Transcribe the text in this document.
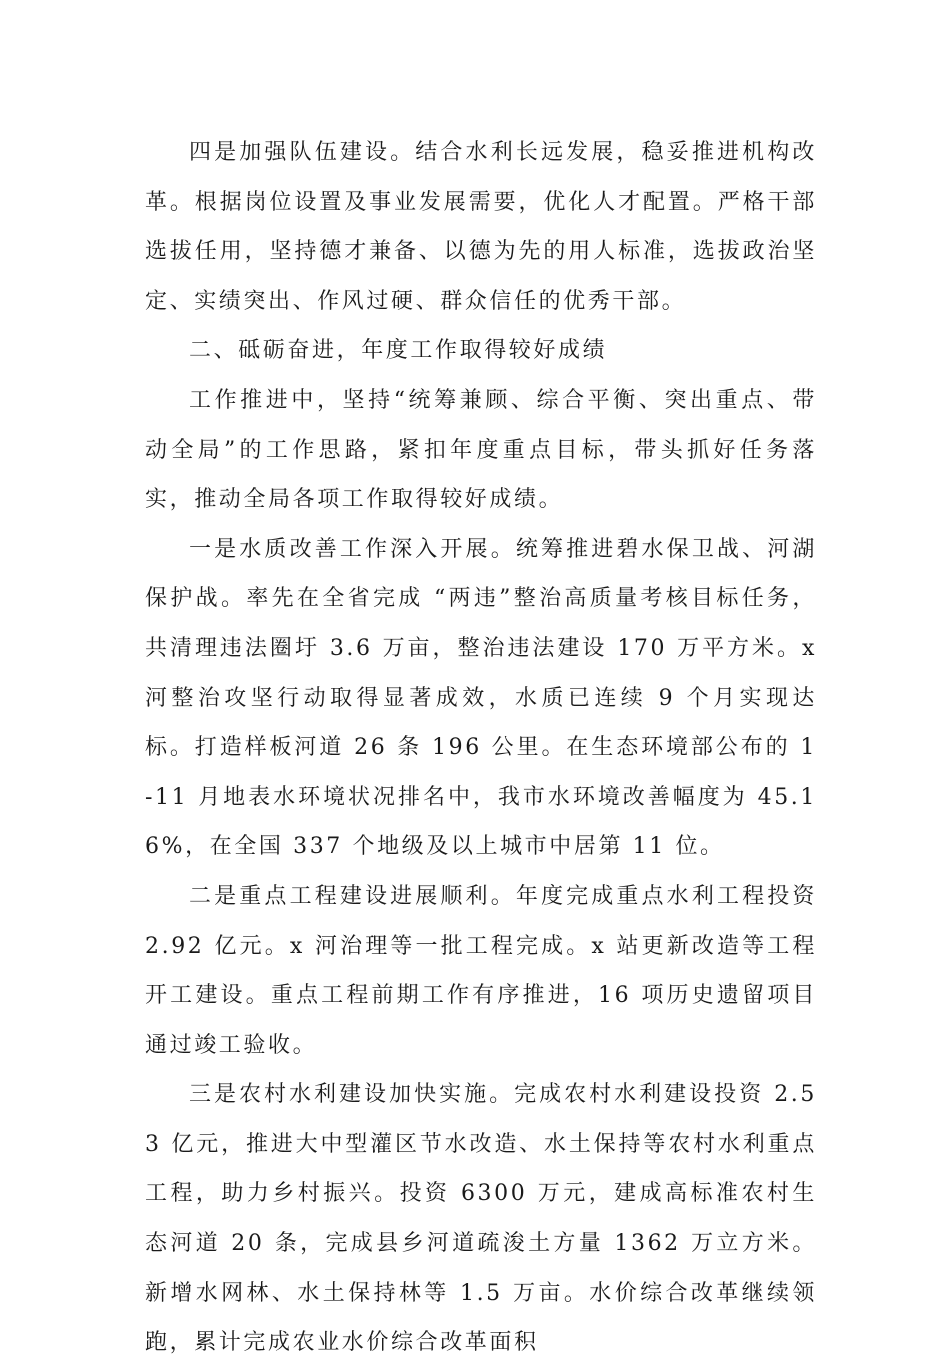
四是加强队伍建设。结合水利长远发展，稳妥推进机构改革。根据岗位设置及事业发展需要，优化人才配置。严格干部选拔任用，坚持德才兼备、以德为先的用人标准，选拔政治坚定、实绩突出、作风过硬、群众信任的优秀干部。

二、砥砺奋进，年度工作取得较好成绩

工作推进中，坚持“统筹兼顾、综合平衡、突出重点、带动全局”的工作思路，紧扣年度重点目标，带头抓好任务落实，推动全局各项工作取得较好成绩。

一是水质改善工作深入开展。统筹推进碧水保卫战、河湖保护战。率先在全省完成 “两违”整治高质量考核目标任务，共清理违法圈圩 3.6 万亩，整治违法建设 170 万平方米。x 河整治攻坚行动取得显著成效，水质已连续 9 个月实现达标。打造样板河道 26 条 196 公里。在生态环境部公布的 1-11 月地表水环境状况排名中，我市水环境改善幅度为 45.16%，在全国 337 个地级及以上城市中居第 11 位。

二是重点工程建设进展顺利。年度完成重点水利工程投资 2.92 亿元。x 河治理等一批工程完成。x 站更新改造等工程开工建设。重点工程前期工作有序推进，16 项历史遗留项目通过竣工验收。

三是农村水利建设加快实施。完成农村水利建设投资 2.53 亿元，推进大中型灌区节水改造、水土保持等农村水利重点工程，助力乡村振兴。投资 6300 万元，建成高标准农村生态河道 20 条，完成县乡河道疏浚土方量 1362 万立方米。新增水网林、水土保持林等 1.5 万亩。水价综合改革继续领跑，累计完成农业水价综合改革面积
